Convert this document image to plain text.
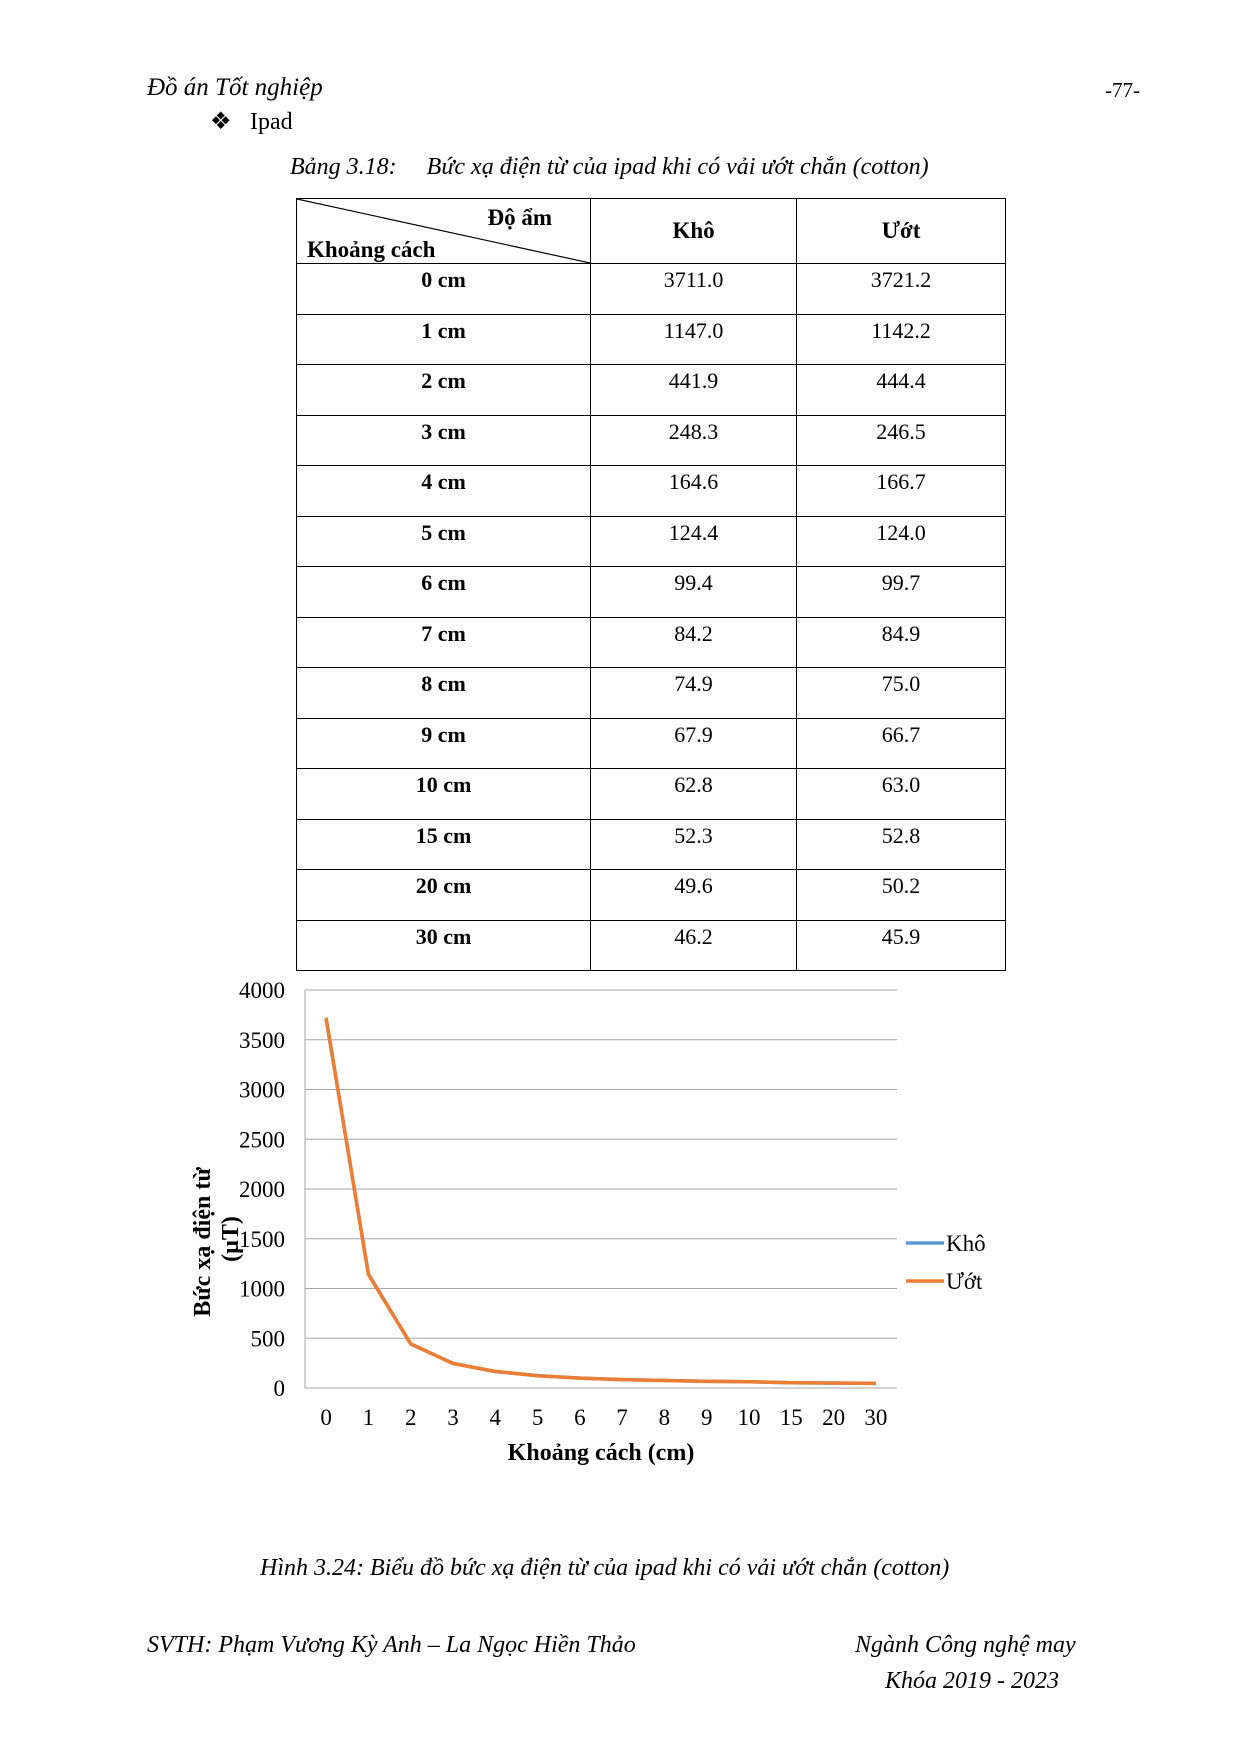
Đồ án Tốt nghiệp	-77-
❖ Ipad
Bảng 3.18: Bức xạ điện từ của ipad khi có vải ướt chắn (cotton)
Độ ẩm
Khoảng cách	Khô	Ướt
0 cm	3711.0	3721.2
1 cm	1147.0	1142.2
2 cm	441.9	444.4
3 cm	248.3	246.5
4 cm	164.6	166.7
5 cm	124.4	124.0
6 cm	99.4	99.7
7 cm	84.2	84.9
8 cm	74.9	75.0
9 cm	67.9	66.7
10 cm	62.8	63.0
15 cm	52.3	52.8
20 cm	49.6	50.2
30 cm	46.2	45.9
0
500
1000
1500
2000
2500
3000
3500
4000
0 1 2 3 4 5 6 7 8 9 10 15 20 30
Khô
Ướt
Bức xạ điện từ (µT)
Khoảng cách (cm)
Hình 3.24: Biểu đồ bức xạ điện từ của ipad khi có vải ướt chắn (cotton)
SVTH: Phạm Vương Kỳ Anh – La Ngọc Hiền Thảo	Ngành Công nghệ may
Khóa 2019 - 2023
